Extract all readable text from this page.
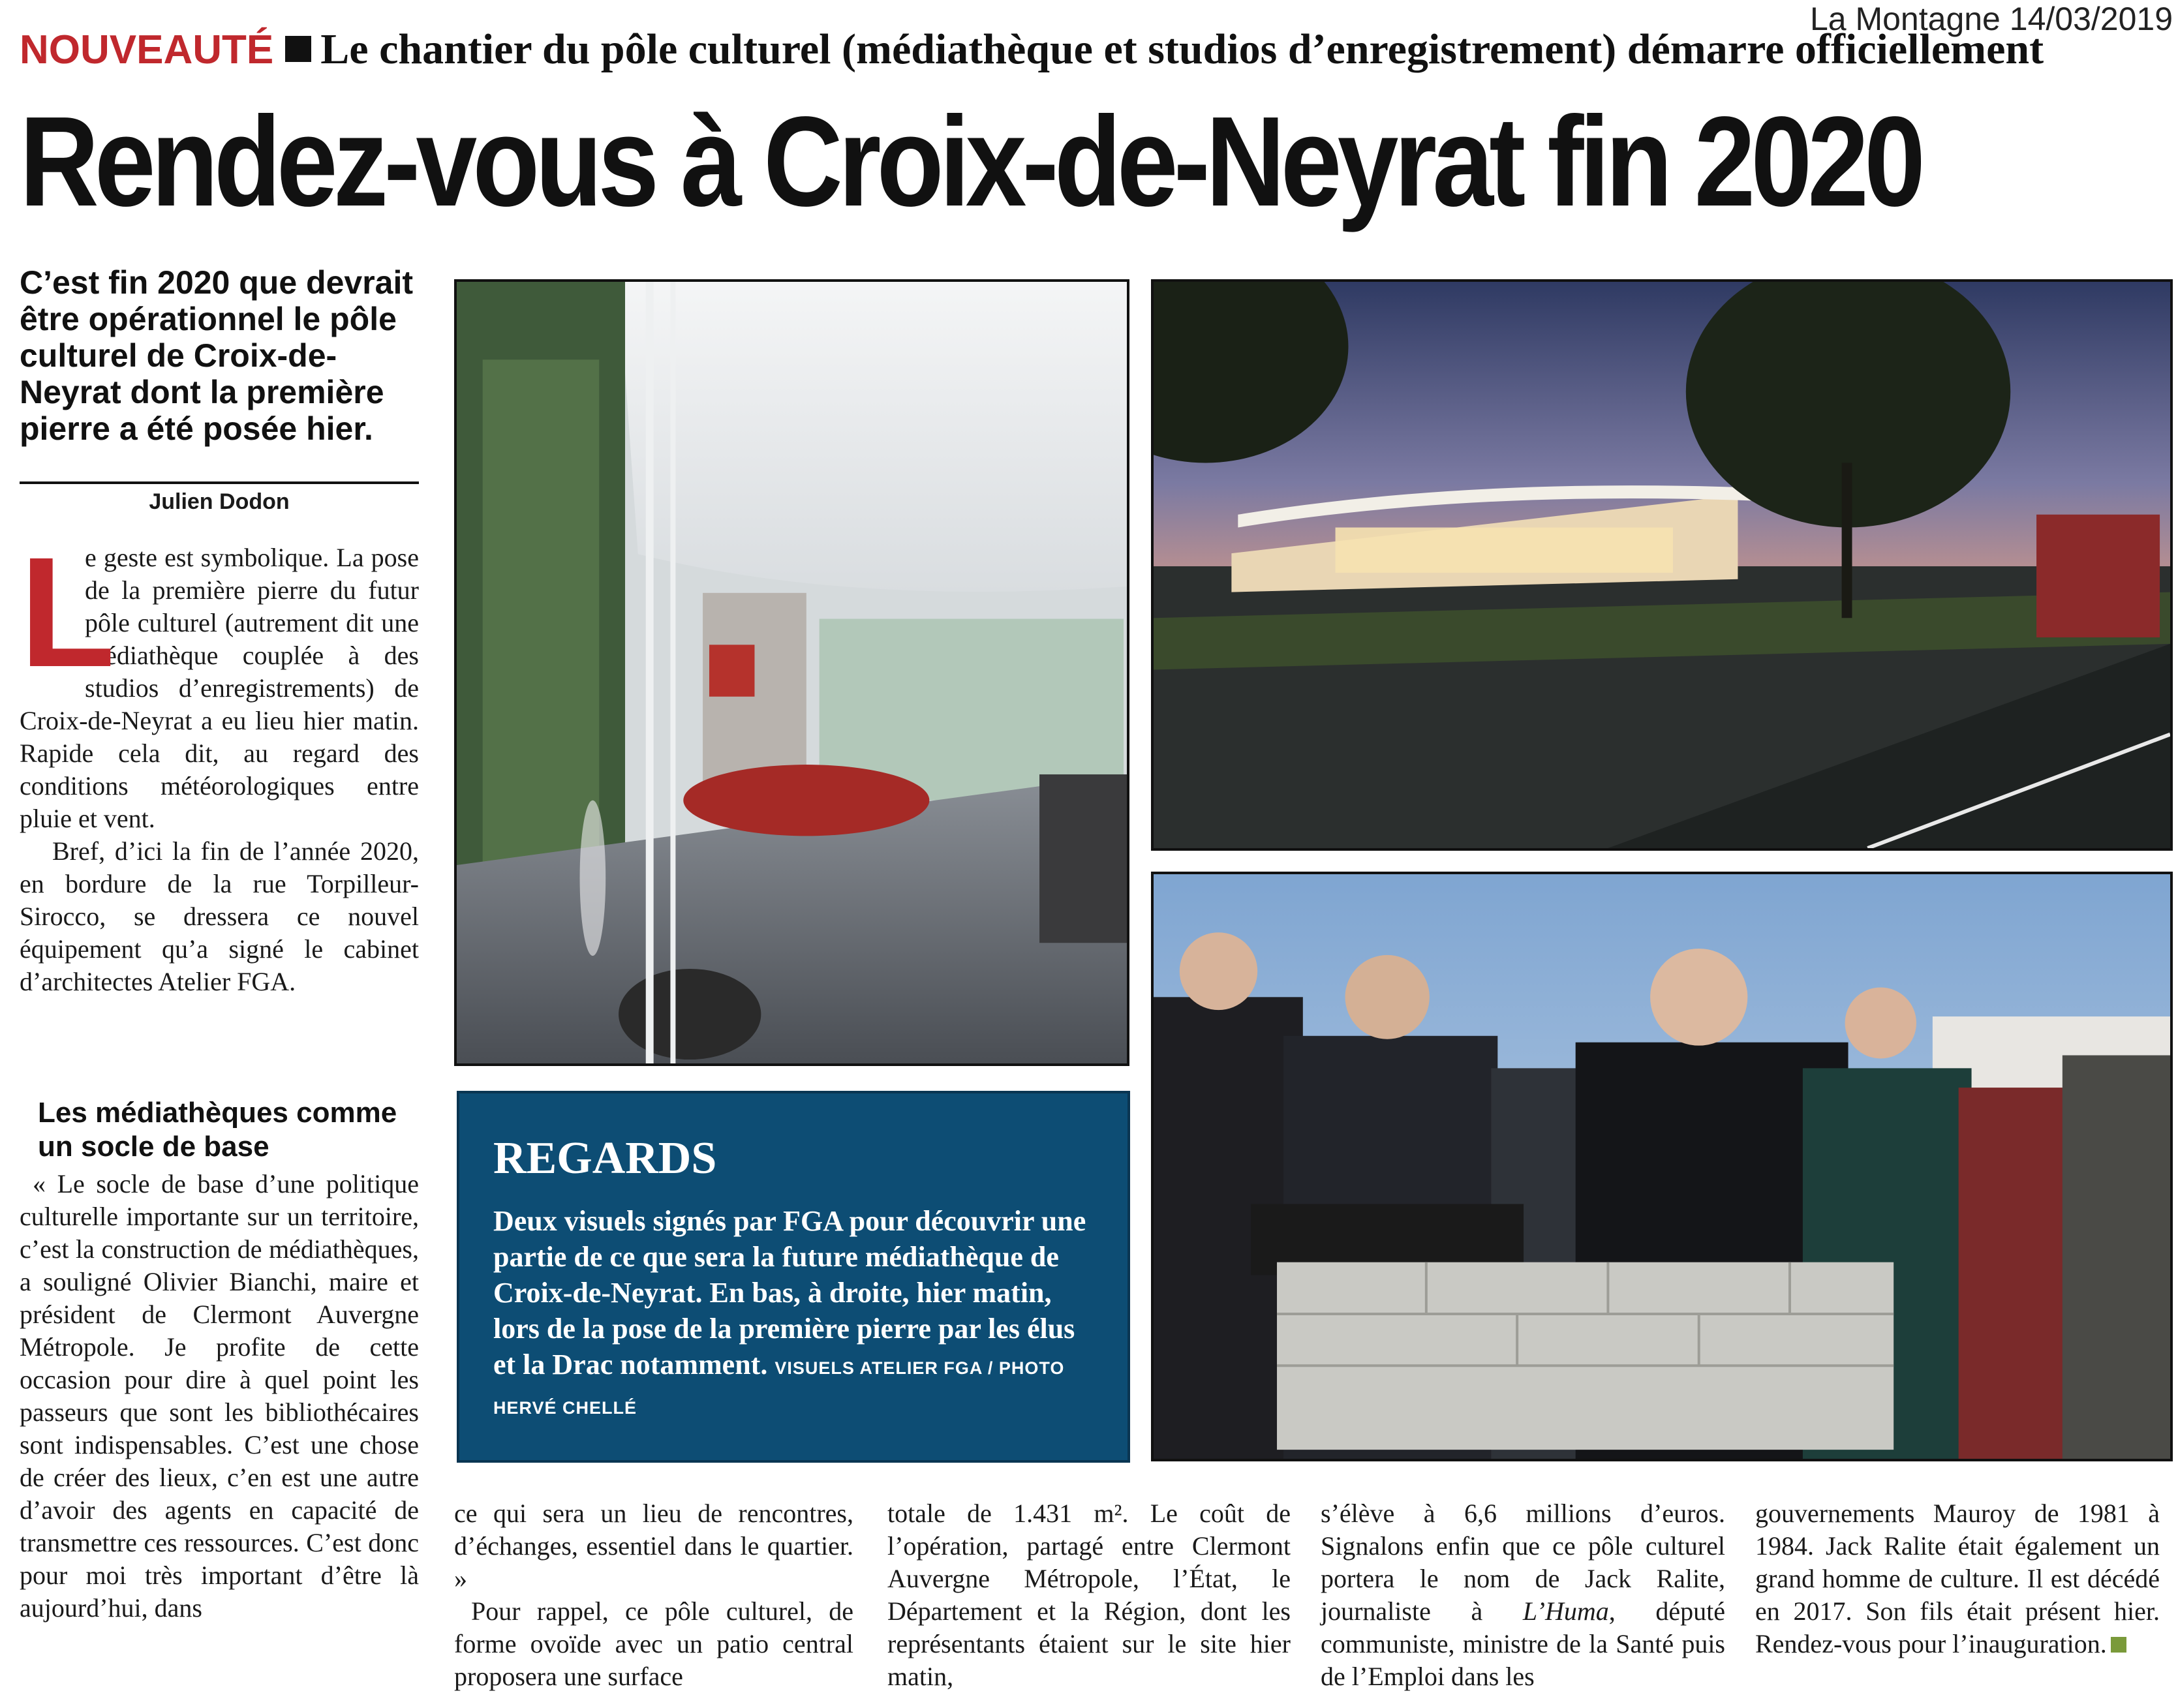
La Montagne 14/03/2019
NOUVEAUTÉ Le chantier du pôle culturel (médiathèque et studios d’enregistrement) démarre officiellement
Rendez-vous à Croix-de-Neyrat fin 2020
C’est fin 2020 que devrait être opérationnel le pôle culturel de Croix-de-Neyrat dont la première pierre a été posée hier.
Julien Dodon

L
e geste est symbolique. La pose de la première pierre du futur pôle culturel (autrement dit une médiathèque couplée à des studios d’enregistrements) de Croix-de-Neyrat a eu lieu hier matin. Rapide cela dit, au regard des conditions météorologiques entre pluie et vent.

Bref, d’ici la fin de l’année 2020, en bordure de la rue Torpilleur-Sirocco, se dressera ce nouvel équipement qu’a signé le cabinet d’architectes Atelier FGA.

Les médiathèques comme un socle de base

« Le socle de base d’une politique culturelle importante sur un territoire, c’est la construction de médiathèques, a souligné Olivier Bianchi, maire et président de Clermont Auvergne Métropole. Je profite de cette occasion pour dire à quel point les passeurs que sont les bibliothécaires sont indispensables. C’est une chose de créer des lieux, c’en est une autre d’avoir des agents en capacité de transmettre ces ressources. C’est donc pour moi très important d’être là aujourd’hui, dans

REGARDS
Deux visuels signés par FGA pour découvrir une partie de ce que sera la future médiathèque de Croix-de-Neyrat. En bas, à droite, hier matin, lors de la pose de la première pierre par les élus et la Drac notamment. VISUELS ATELIER FGA / PHOTO HERVÉ CHELLÉ

ce qui sera un lieu de rencontres, d’échanges, essentiel dans le quartier. »

Pour rappel, ce pôle culturel, de forme ovoïde avec un patio central proposera une surface

totale de 1.431 m². Le coût de l’opération, partagé entre Clermont Auvergne Métropole, l’État, le Département et la Région, dont les représentants étaient sur le site hier matin,

s’élève à 6,6 millions d’euros. Signalons enfin que ce pôle culturel portera le nom de Jack Ralite, journaliste à L’Huma, député communiste, ministre de la Santé puis de l’Emploi dans les

gouvernements Mauroy de 1981 à 1984. Jack Ralite était également un grand homme de culture. Il est décédé en 2017. Son fils était présent hier. Rendez-vous pour l’inauguration.
